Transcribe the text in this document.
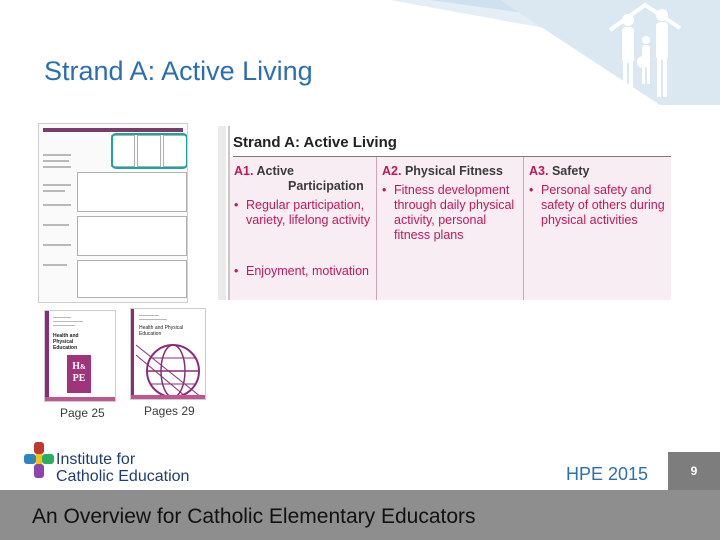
Strand A: Active Living
Strand A: Active Living
A1. Active
Participation
• Regular participation, variety, lifelong activity
• Enjoyment, motivation
A2. Physical Fitness
• Fitness development through daily physical activity, personal fitness plans
A3. Safety
• Personal safety and safety of others during physical activities
Health and Physical Education
H&
PE
Page 25
Health and Physical Education
Pages 29
Institute for
Catholic Education	HPE 2015	9
An Overview for Catholic Elementary Educators
